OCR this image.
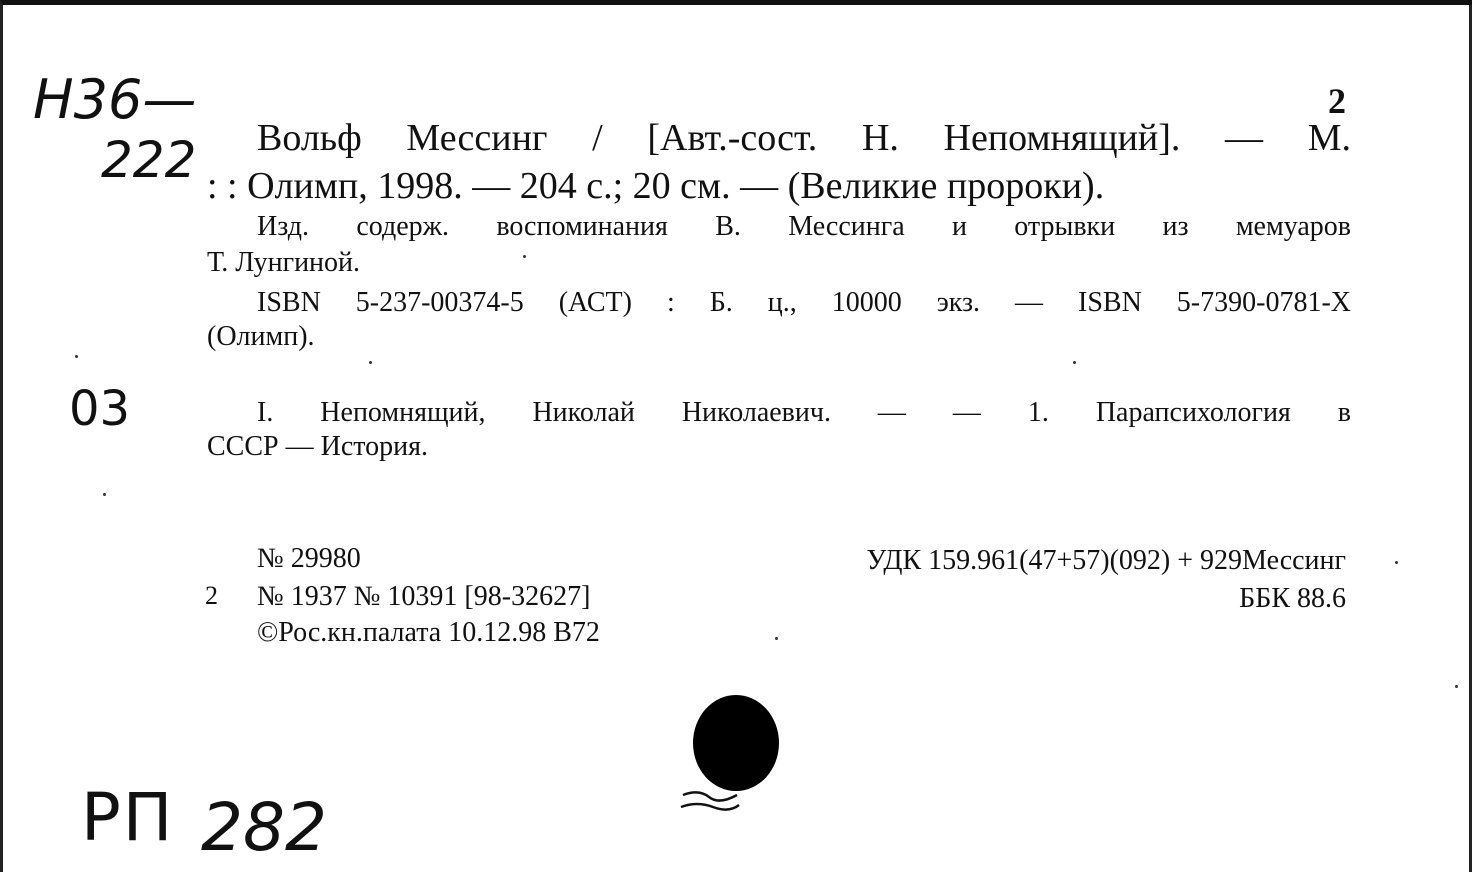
Н36—
222
03
РП 282
2
Вольф Мессинг / [Авт.-сост. Н. Непомнящий]. — М.
: : Олимп, 1998. — 204 с.; 20 см. — (Великие пророки).
Изд. содерж. воспоминания В. Мессинга и отрывки из мемуаров
Т. Лунгиной.
ISBN 5-237-00374-5 (АСТ) : Б. ц., 10000 экз. — ISBN 5-7390-0781-Х
(Олимп).
I. Непомнящий, Николай Николаевич. — — 1. Парапсихология в
СССР — История.
№ 29980
2 № 1937 № 10391 [98-32627]
©Рос.кн.палата 10.12.98 В72
УДК 159.961(47+57)(092) + 929Мессинг
ББК 88.6
